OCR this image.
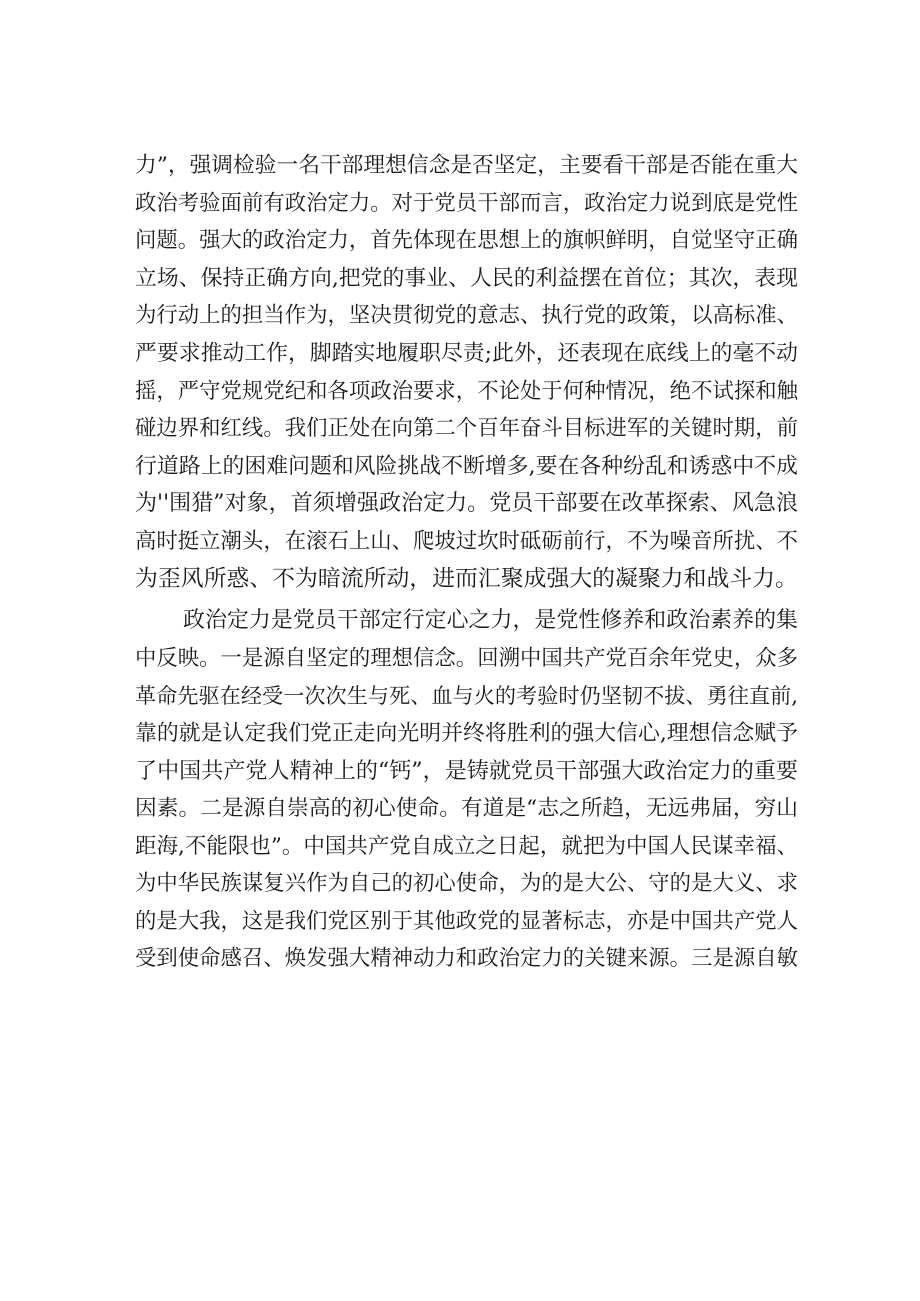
力”，强调检验一名干部理想信念是否坚定，主要看干部是否能在重大
政治考验面前有政治定力。对于党员干部而言，政治定力说到底是党性
问题。强大的政治定力，首先体现在思想上的旗帜鲜明，自觉坚守正确
立场、保持正确方向,把党的事业、人民的利益摆在首位；其次，表现
为行动上的担当作为，坚决贯彻党的意志、执行党的政策，以高标准、
严要求推动工作，脚踏实地履职尽责;此外，还表现在底线上的毫不动
摇，严守党规党纪和各项政治要求，不论处于何种情况，绝不试探和触
碰边界和红线。我们正处在向第二个百年奋斗目标进军的关键时期，前
行道路上的困难问题和风险挑战不断增多,要在各种纷乱和诱惑中不成
为''围猎”对象，首须增强政治定力。党员干部要在改革探索、风急浪
高时挺立潮头，在滚石上山、爬坡过坎时砥砺前行，不为噪音所扰、不
为歪风所惑、不为暗流所动，进而汇聚成强大的凝聚力和战斗力。
政治定力是党员干部定行定心之力，是党性修养和政治素养的集
中反映。一是源自坚定的理想信念。回溯中国共产党百余年党史，众多
革命先驱在经受一次次生与死、血与火的考验时仍坚韧不拔、勇往直前,
靠的就是认定我们党正走向光明并终将胜利的强大信心,理想信念赋予
了中国共产党人精神上的“钙”，是铸就党员干部强大政治定力的重要
因素。二是源自崇高的初心使命。有道是“志之所趋，无远弗届，穷山
距海,不能限也”。中国共产党自成立之日起，就把为中国人民谋幸福、
为中华民族谋复兴作为自己的初心使命，为的是大公、守的是大义、求
的是大我，这是我们党区别于其他政党的显著标志，亦是中国共产党人
受到使命感召、焕发强大精神动力和政治定力的关键来源。三是源自敏
